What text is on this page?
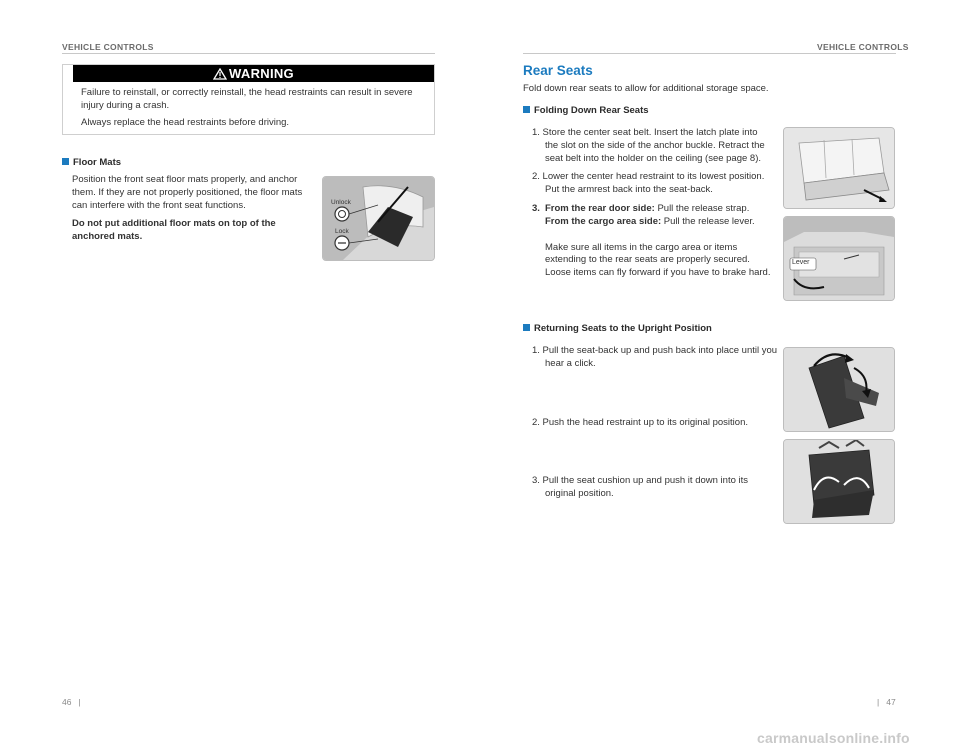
VEHICLE CONTROLS
WARNING
Failure to reinstall, or correctly reinstall, the head restraints can result in severe injury during a crash.
Always replace the head restraints before driving.
Floor Mats
Position the front seat floor mats properly, and anchor them. If they are not properly positioned, the floor mats can interfere with the front seat functions.
Do not put additional floor mats on top of the anchored mats.
Unlock
Lock
46   |
VEHICLE CONTROLS
Rear Seats
Fold down rear seats to allow for additional storage space.
Folding Down Rear Seats
1. Store the center seat belt. Insert the latch plate into the slot on the side of the anchor buckle. Retract the seat belt into the holder on the ceiling (see page 8).
2. Lower the center head restraint to its lowest position. Put the armrest back into the seat-back.
3. From the rear door side: Pull the release strap.
From the cargo area side: Pull the release lever.
Make sure all items in the cargo area or items extending to the rear seats are properly secured. Loose items can fly forward if you have to brake hard.
Lever
Returning Seats to the Upright Position
1. Pull the seat-back up and push back into place until you hear a click.
2. Push the head restraint up to its original position.
3. Pull the seat cushion up and push it down into its original position.
|   47
carmanualsonline.info
